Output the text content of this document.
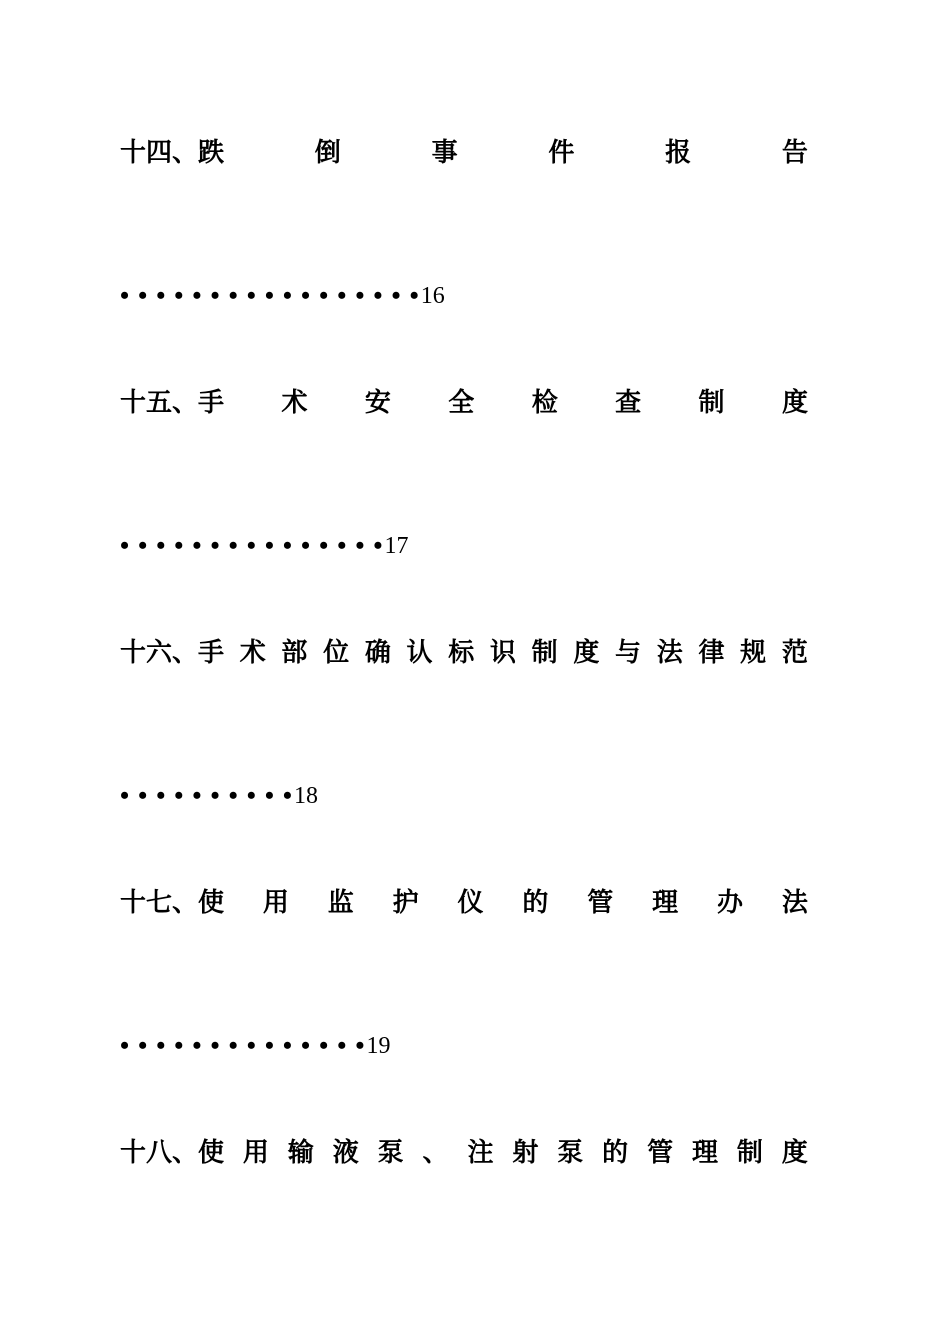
十四、 跌	倒	事	件	报	告
•••••••••••••••••
16
十五、 手 术 安 全 检 查 制 度
•••••••••••••••
17
十六、 手 术 部 位 确 认 标 识 制 度 与 法 律 规 范
••••••••••
18
十七、 使 用 监 护 仪 的 管 理 办 法
••••••••••••••
19
十八、 使 用 输 液 泵 、 注 射 泵 的 管 理 制 度
